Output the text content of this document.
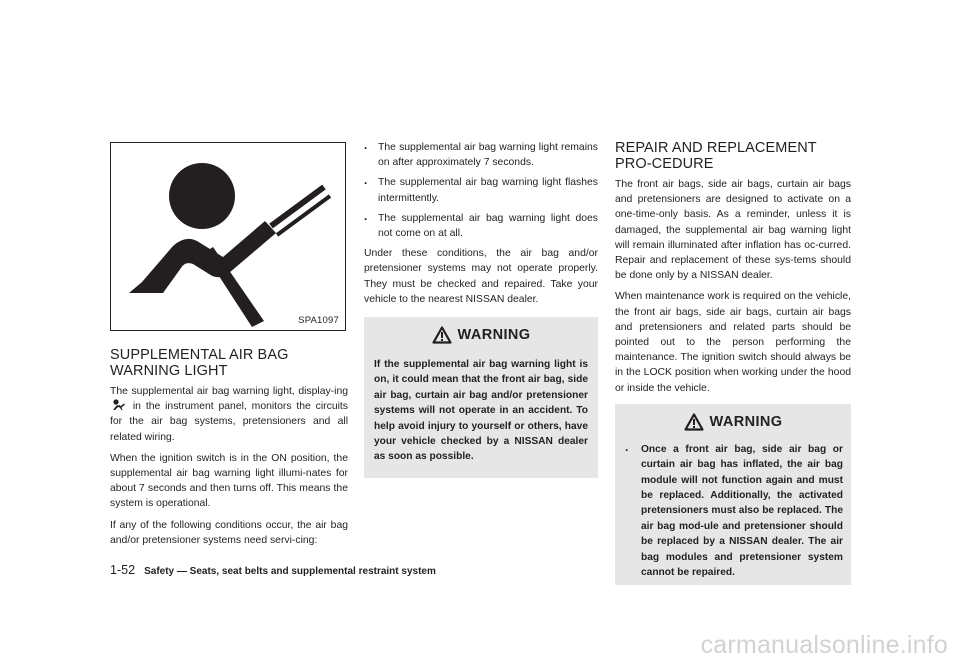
SPA1097
SUPPLEMENTAL AIR BAG WARNING LIGHT

The supplemental air bag warning light, display-ing  in the instrument panel, monitors the circuits for the air bag systems, pretensioners and all related wiring.

When the ignition switch is in the ON position, the supplemental air bag warning light illumi-nates for about 7 seconds and then turns off. This means the system is operational.

If any of the following conditions occur, the air bag and/or pretensioner systems need servi-cing:

. The supplemental air bag warning light remains on after approximately 7 seconds.
. The supplemental air bag warning light flashes intermittently.
. The supplemental air bag warning light does not come on at all.

Under these conditions, the air bag and/or pretensioner systems may not operate properly. They must be checked and repaired. Take your vehicle to the nearest NISSAN dealer.

WARNING
If the supplemental air bag warning light is on, it could mean that the front air bag, side air bag, curtain air bag and/or pretensioner systems will not operate in an accident. To help avoid injury to yourself or others, have your vehicle checked by a NISSAN dealer as soon as possible.
REPAIR AND REPLACEMENT PRO-CEDURE

The front air bags, side air bags, curtain air bags and pretensioners are designed to activate on a one-time-only basis. As a reminder, unless it is damaged, the supplemental air bag warning light will remain illuminated after inflation has oc-curred. Repair and replacement of these sys-tems should be done only by a NISSAN dealer.

When maintenance work is required on the vehicle, the front air bags, side air bags, curtain air bags and pretensioners and related parts should be pointed out to the person performing the maintenance. The ignition switch should always be in the LOCK position when working under the hood or inside the vehicle.

WARNING
. Once a front air bag, side air bag or curtain air bag has inflated, the air bag module will not function again and must be replaced. Additionally, the activated pretensioners must also be replaced. The air bag mod-ule and pretensioner should be replaced by a NISSAN dealer. The air bag modules and pretensioner system cannot be repaired.
1-52 Safety — Seats, seat belts and supplemental restraint system
carmanualsonline.info
